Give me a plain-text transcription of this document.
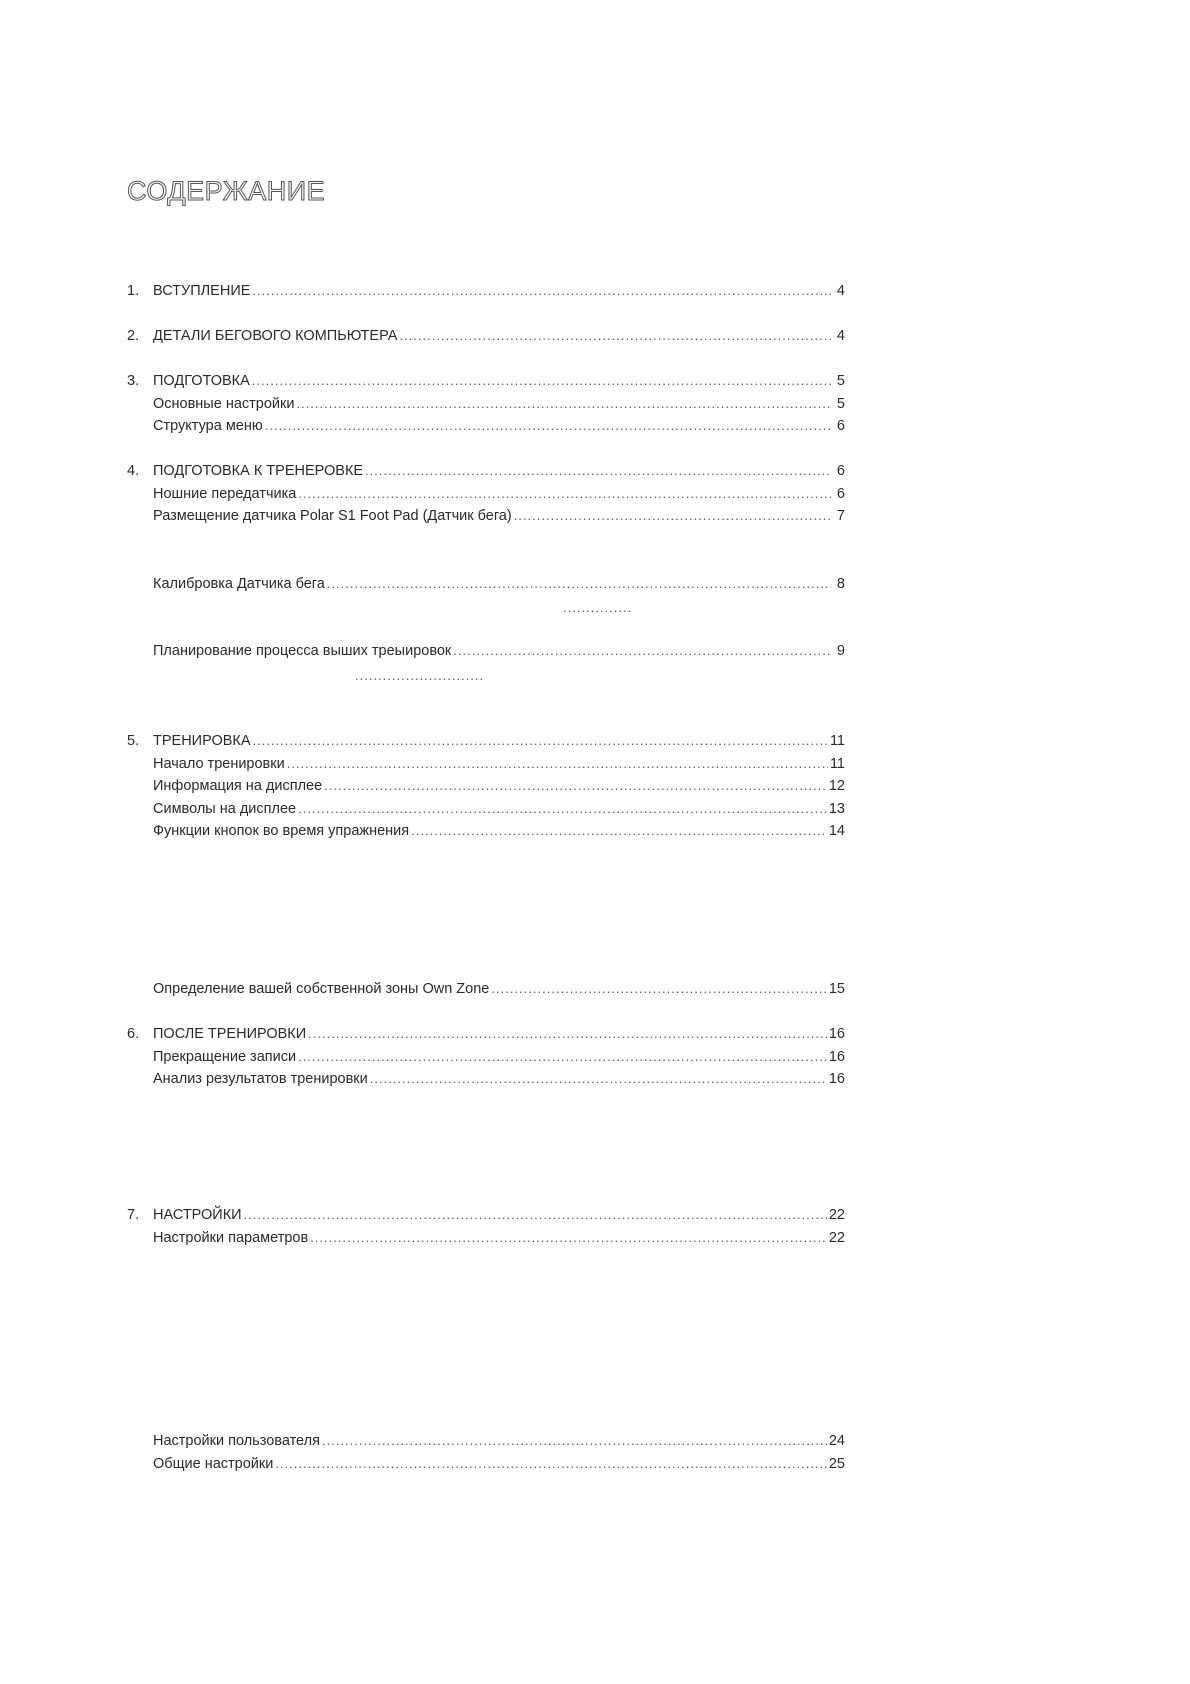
СОДЕРЖАНИЕ
1. ВСТУПЛЕНИЕ .....	4
2. ДЕТАЛИ БЕГОВОГО КОМПЬЮТЕРА .....	4
3. ПОДГОТОВКА .....	5
Основные настройки .....	5
Структура меню .....	6
4. ПОДГОТОВКА К ТРЕНЕРОВКЕ .....	6
Ношние передатчика .....	6
Размещение датчика Polar S1 Foot Pad (Датчик бега) .....	7
Калибровка Датчика бега .....	8
...............
Планирование процесса выших треыировок .....	9
............................
5. ТРЕНИРОВКА .....	11
Начало тренировки .....	11
Информация на дисплее .....	12
Символы на дисплее .....	13
Функции кнопок во время упражнения .....	14
Определение вашей собственной зоны Own Zone .....	15
6. ПОСЛЕ ТРЕНИРОВКИ .....	16
Прекращение записи .....	16
Анализ результатов тренировки .....	16
7. НАСТРОЙКИ .....	22
Настройки параметров .....	22
Настройки пользователя .....	24
Общие настройки .....	25
